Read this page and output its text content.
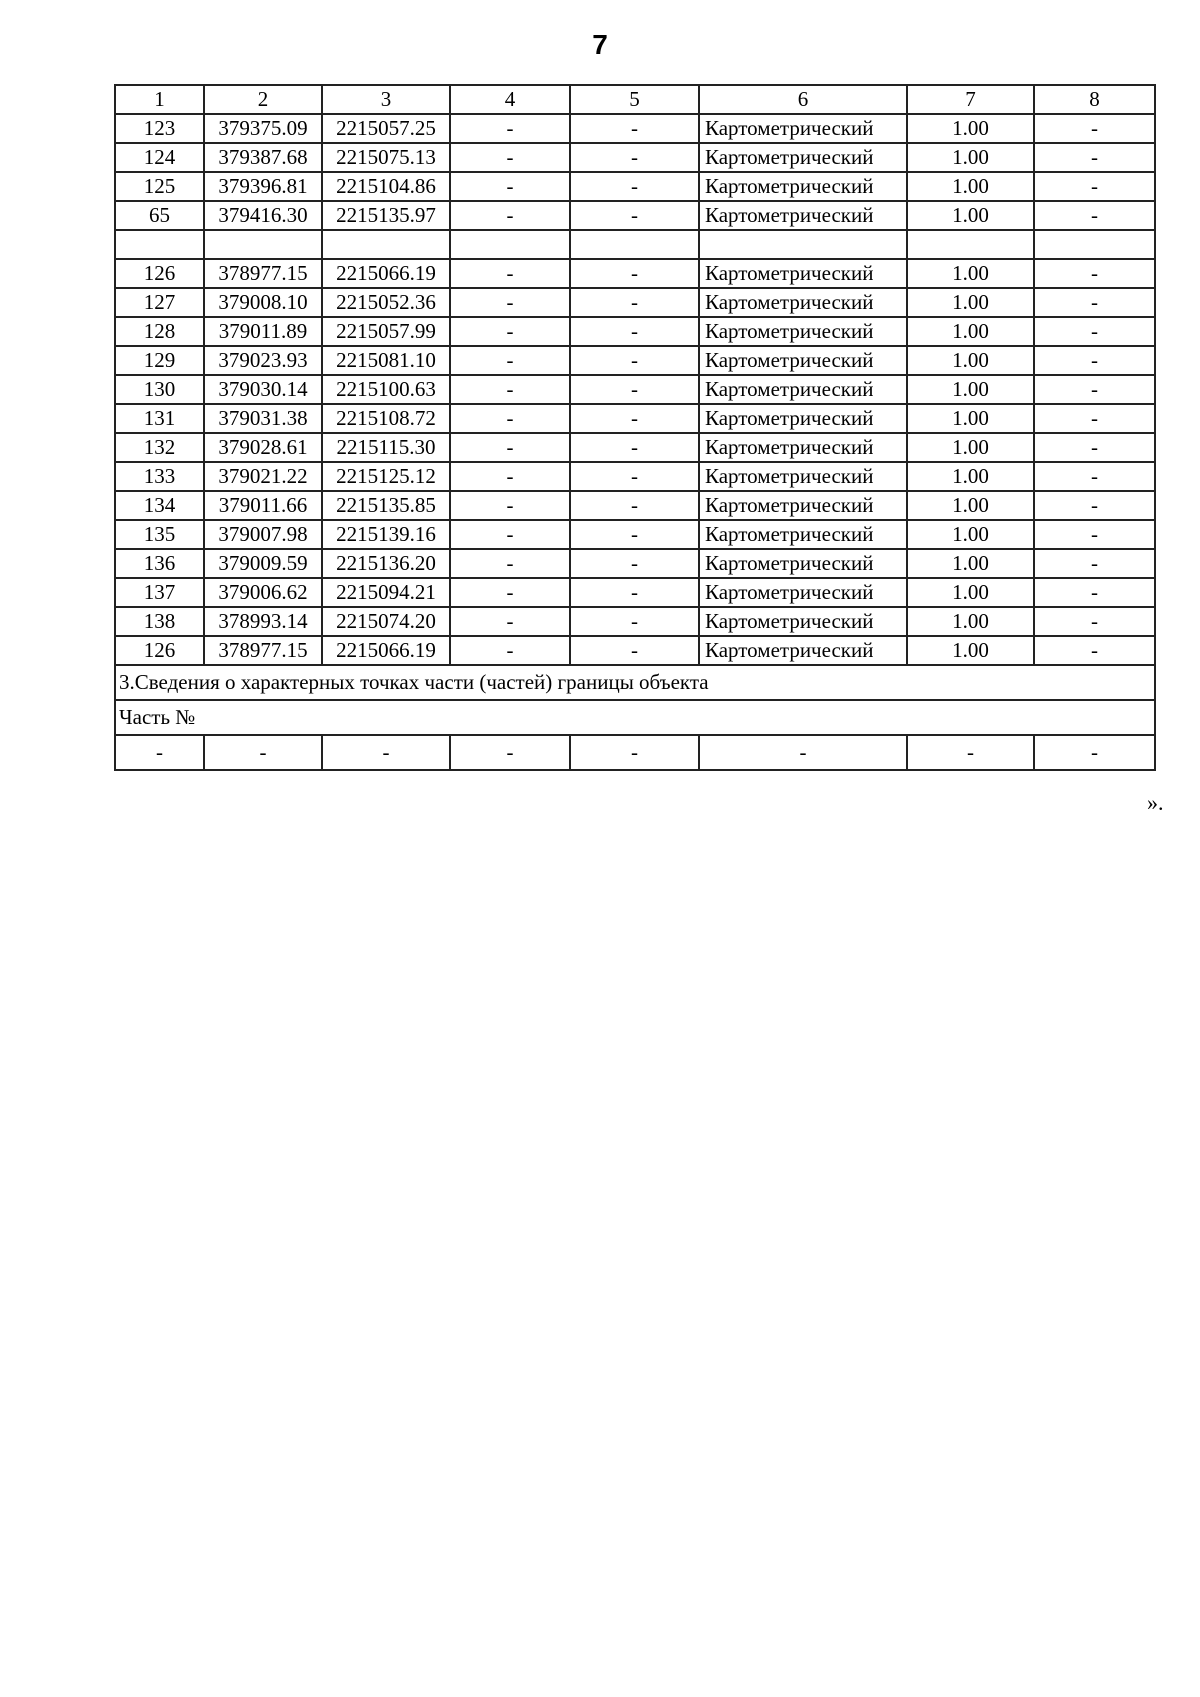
7
1	2	3	4	5	6	7	8
123	379375.09	2215057.25	-	-	Картометрический	1.00	-
124	379387.68	2215075.13	-	-	Картометрический	1.00	-
125	379396.81	2215104.86	-	-	Картометрический	1.00	-
65	379416.30	2215135.97	-	-	Картометрический	1.00	-

126	378977.15	2215066.19	-	-	Картометрический	1.00	-
127	379008.10	2215052.36	-	-	Картометрический	1.00	-
128	379011.89	2215057.99	-	-	Картометрический	1.00	-
129	379023.93	2215081.10	-	-	Картометрический	1.00	-
130	379030.14	2215100.63	-	-	Картометрический	1.00	-
131	379031.38	2215108.72	-	-	Картометрический	1.00	-
132	379028.61	2215115.30	-	-	Картометрический	1.00	-
133	379021.22	2215125.12	-	-	Картометрический	1.00	-
134	379011.66	2215135.85	-	-	Картометрический	1.00	-
135	379007.98	2215139.16	-	-	Картометрический	1.00	-
136	379009.59	2215136.20	-	-	Картометрический	1.00	-
137	379006.62	2215094.21	-	-	Картометрический	1.00	-
138	378993.14	2215074.20	-	-	Картометрический	1.00	-
126	378977.15	2215066.19	-	-	Картометрический	1.00	-
3.Сведения о характерных точках части (частей) границы объекта							
Часть №							
-	-	-	-	-	-	-	-
».
